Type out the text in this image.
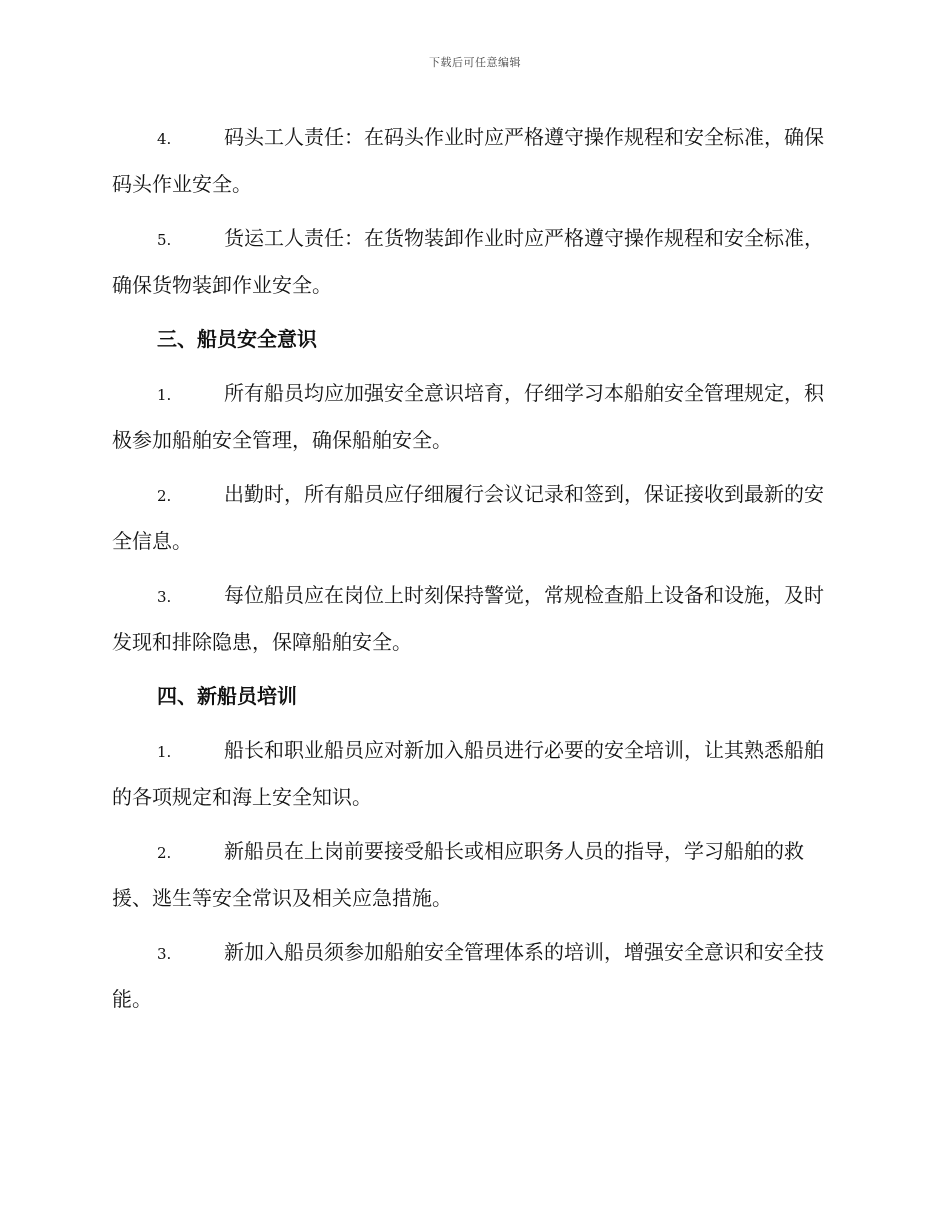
下载后可任意编辑

4.	码头工人责任：在码头作业时应严格遵守操作规程和安全标准，确保码头作业安全。

5.	货运工人责任：在货物装卸作业时应严格遵守操作规程和安全标准，确保货物装卸作业安全。

三、船员安全意识

1.	所有船员均应加强安全意识培育，仔细学习本船舶安全管理规定，积极参加船舶安全管理，确保船舶安全。

2.	出勤时，所有船员应仔细履行会议记录和签到，保证接收到最新的安全信息。

3.	每位船员应在岗位上时刻保持警觉，常规检查船上设备和设施，及时发现和排除隐患，保障船舶安全。

四、新船员培训

1.	船长和职业船员应对新加入船员进行必要的安全培训，让其熟悉船舶的各项规定和海上安全知识。

2.	新船员在上岗前要接受船长或相应职务人员的指导，学习船舶的救援、逃生等安全常识及相关应急措施。

3.	新加入船员须参加船舶安全管理体系的培训，增强安全意识和安全技能。
